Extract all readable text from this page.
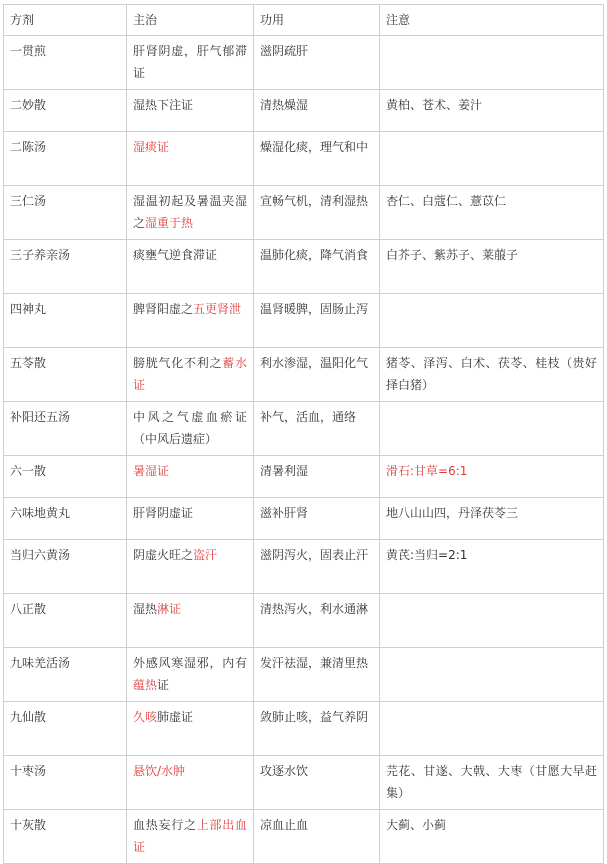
方剂	主治	功用	注意
一贯煎	肝肾阴虚，肝气郁滞证	滋阴疏肝	
二妙散	湿热下注证	清热燥湿	黄柏、苍术、姜汁
二陈汤	湿痰证	燥湿化痰，理气和中	
三仁汤	湿温初起及暑温夹湿之湿重于热	宣畅气机，清利湿热	杏仁、白蔻仁、薏苡仁
三子养亲汤	痰壅气逆食滞证	温肺化痰，降气消食	白芥子、紫苏子、莱菔子
四神丸	脾肾阳虚之五更肾泄	温肾暖脾，固肠止泻	
五苓散	膀胱气化不利之蓄水证	利水渗湿，温阳化气	猪苓、泽泻、白术、茯苓、桂枝（贵好择白猪）
补阳还五汤	中风之气虚血瘀证（中风后遗症）	补气，活血，通络	
六一散	暑湿证	清暑利湿	滑石:甘草=6:1
六味地黄丸	肝肾阴虚证	滋补肝肾	地八山山四，丹泽茯苓三
当归六黄汤	阴虚火旺之盗汗	滋阴泻火，固表止汗	黄芪:当归=2:1
八正散	湿热淋证	清热泻火，利水通淋	
九味羌活汤	外感风寒湿邪，内有蕴热证	发汗祛湿，兼清里热	
九仙散	久咳肺虚证	敛肺止咳，益气养阴	
十枣汤	悬饮/水肿	攻逐水饮	芫花、甘遂、大戟、大枣（甘愿大早赶集）
十灰散	血热妄行之上部出血证	凉血止血	大蓟、小蓟
